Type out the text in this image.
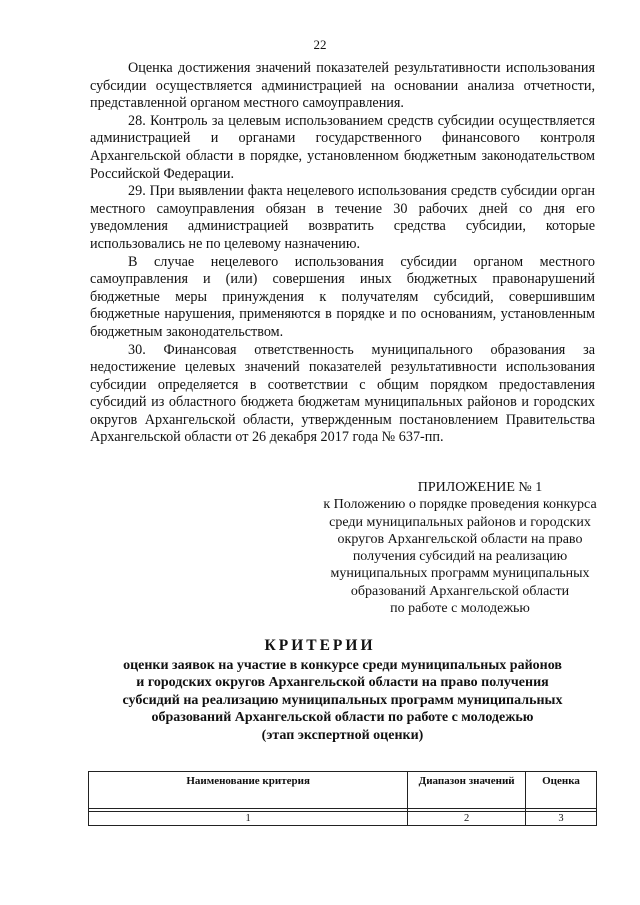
22

Оценка достижения значений показателей результативности использования субсидии осуществляется администрацией на основании анализа отчетности, представленной органом местного самоуправления.

28. Контроль за целевым использованием средств субсидии осуществляется администрацией и органами государственного финансового контроля Архангельской области в порядке, установленном бюджетным законодательством Российской Федерации.

29. При выявлении факта нецелевого использования средств субсидии орган местного самоуправления обязан в течение 30 рабочих дней со дня его уведомления администрацией возвратить средства субсидии, которые использовались не по целевому назначению.

В случае нецелевого использования субсидии органом местного самоуправления и (или) совершения иных бюджетных правонарушений бюджетные меры принуждения к получателям субсидий, совершившим бюджетные нарушения, применяются в порядке и по основаниям, установленным бюджетным законодательством.

30. Финансовая ответственность муниципального образования за недостижение целевых значений показателей результативности использования субсидии определяется в соответствии с общим порядком предоставления субсидий из областного бюджета бюджетам муниципальных районов и городских округов Архангельской области, утвержденным постановлением Правительства Архангельской области от 26 декабря 2017 года № 637-пп.

ПРИЛОЖЕНИЕ № 1
к Положению о порядке проведения конкурса
среди муниципальных районов и городских
округов Архангельской области на право
получения субсидий на реализацию
муниципальных программ муниципальных
образований Архангельской области
по работе с молодежью
КРИТЕРИИ
оценки заявок на участие в конкурсе среди муниципальных районов
и городских округов Архангельской области на право получения
субсидий на реализацию муниципальных программ муниципальных
образований Архангельской области по работе с молодежью
(этап экспертной оценки)
Наименование критерия	Диапазон значений	Оценка

1	2	3
